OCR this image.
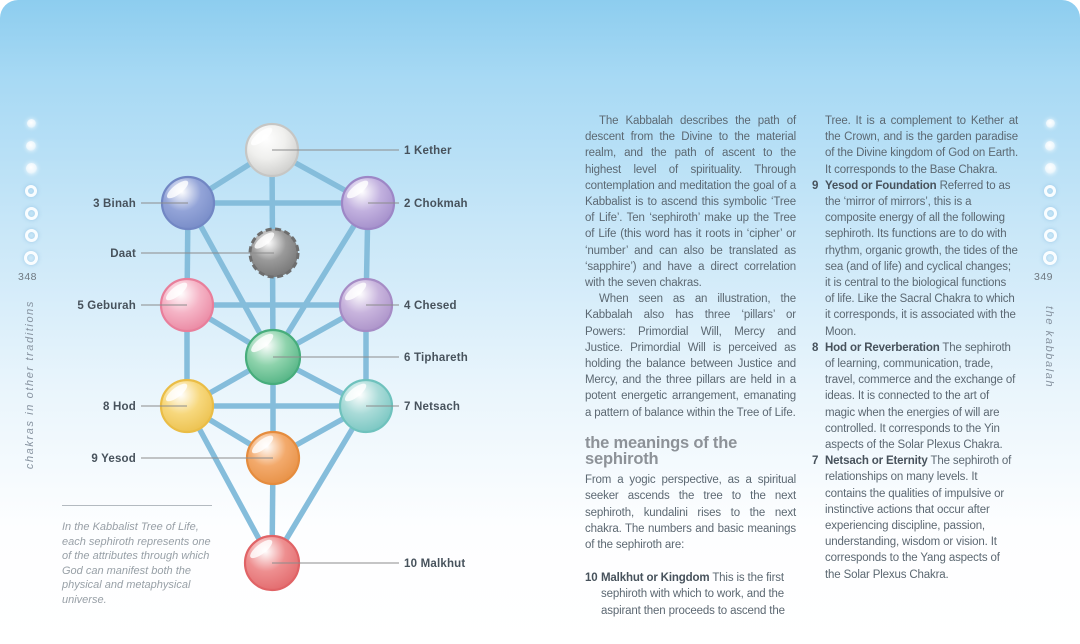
348	349
chakras in other traditions	the kabbalah
1 Kether
2 Chokmah
3 Binah
Daat
4 Chesed
5 Geburah
6 Tiphareth
7 Netsach
8 Hod
9 Yesod
10 Malkhut
In the Kabbalist Tree of Life, each sephiroth represents one of the attributes through which God can manifest both the physical and metaphysical universe.

The Kabbalah describes the path of descent from the Divine to the material realm, and the path of ascent to the highest level of spirituality. Through contemplation and meditation the goal of a Kabbalist is to ascend this symbolic ‘Tree of Life’. Ten ‘sephiroth’ make up the Tree of Life (this word has it roots in ‘cipher’ or ‘number’ and can also be translated as ‘sapphire’) and have a direct correlation with the seven chakras.

When seen as an illustration, the Kabbalah also has three ‘pillars’ or Powers: Primordial Will, Mercy and Justice. Primordial Will is perceived as holding the balance between Justice and Mercy, and the three pillars are held in a potent energetic arrangement, emanating a pattern of balance within the Tree of Life.

the meanings of the sephiroth

From a yogic perspective, as a spiritual seeker ascends the tree to the next sephiroth, kundalini rises to the next chakra. The numbers and basic meanings of the sephiroth are:

10 Malkhut or Kingdom This is the first sephiroth with which to work, and the aspirant then proceeds to ascend the

Tree. It is a complement to Kether at the Crown, and is the garden paradise of the Divine kingdom of God on Earth. It corresponds to the Base Chakra.

9 Yesod or Foundation Referred to as the ‘mirror of mirrors’, this is a composite energy of all the following sephiroth. Its functions are to do with rhythm, organic growth, the tides of the sea (and of life) and cyclical changes; it is central to the biological functions of life. Like the Sacral Chakra to which it corresponds, it is associated with the Moon.
8 Hod or Reverberation The sephiroth of learning, communication, trade, travel, commerce and the exchange of ideas. It is connected to the art of magic when the energies of will are controlled. It corresponds to the Yin aspects of the Solar Plexus Chakra.
7 Netsach or Eternity The sephiroth of relationships on many levels. It contains the qualities of impulsive or instinctive actions that occur after experiencing discipline, passion, understanding, wisdom or vision. It corresponds to the Yang aspects of the Solar Plexus Chakra.
